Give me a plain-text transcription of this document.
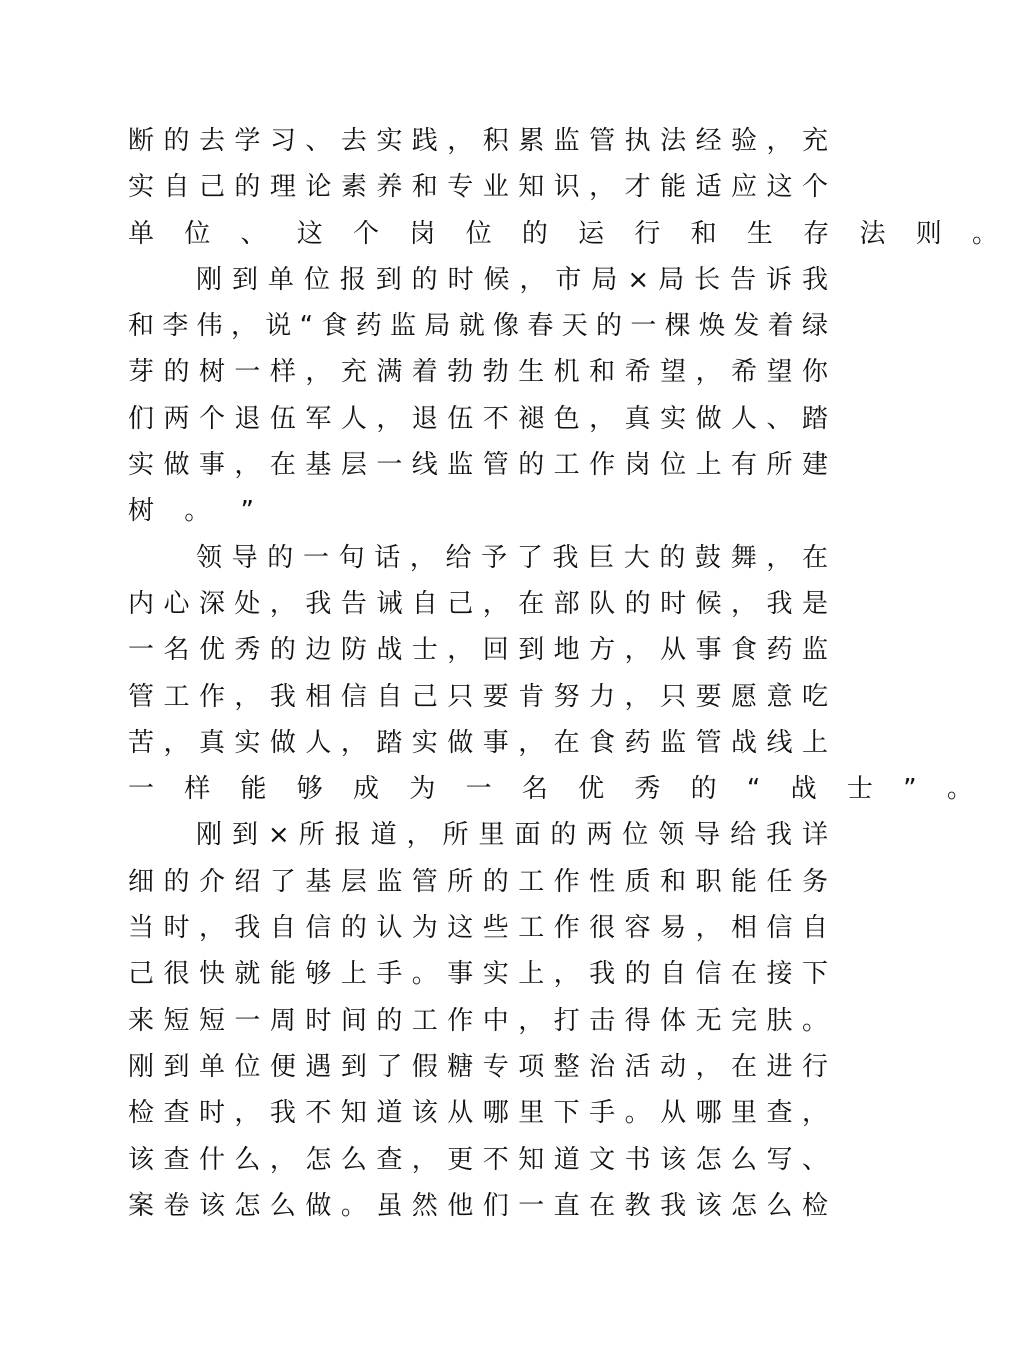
断 的 去 学 习 、 去 实 践 ， 积 累 监 管 执 法 经 验 ， 充
实 自 己 的 理 论 素 养 和 专 业 知 识 ， 才 能 适 应 这 个
单 位 、 这 个 岗 位 的 运 行 和 生 存 法 则 。
刚 到 单 位 报 到 的 时 候 ， 市 局 × 局 长 告 诉 我
和 李 伟 ， 说 “ 食 药 监 局 就 像 春 天 的 一 棵 焕 发 着 绿
芽 的 树 一 样 ， 充 满 着 勃 勃 生 机 和 希 望 ， 希 望 你
们 两 个 退 伍 军 人 ， 退 伍 不 褪 色 ， 真 实 做 人 、 踏
实 做 事 ， 在 基 层 一 线 监 管 的 工 作 岗 位 上 有 所 建
树 。 ”
领 导 的 一 句 话 ， 给 予 了 我 巨 大 的 鼓 舞 ， 在
内 心 深 处 ， 我 告 诫 自 己 ， 在 部 队 的 时 候 ， 我 是
一 名 优 秀 的 边 防 战 士 ， 回 到 地 方 ， 从 事 食 药 监
管 工 作 ， 我 相 信 自 己 只 要 肯 努 力 ， 只 要 愿 意 吃
苦 ， 真 实 做 人 ， 踏 实 做 事 ， 在 食 药 监 管 战 线 上
一 样 能 够 成 为 一 名 优 秀 的 “ 战 士 ” 。
刚 到 × 所 报 道 ， 所 里 面 的 两 位 领 导 给 我 详
细 的 介 绍 了 基 层 监 管 所 的 工 作 性 质 和 职 能 任 务
当 时 ， 我 自 信 的 认 为 这 些 工 作 很 容 易 ， 相 信 自
己 很 快 就 能 够 上 手 。 事 实 上 ， 我 的 自 信 在 接 下
来 短 短 一 周 时 间 的 工 作 中 ， 打 击 得 体 无 完 肤 。
刚 到 单 位 便 遇 到 了 假 糖 专 项 整 治 活 动 ， 在 进 行
检 查 时 ， 我 不 知 道 该 从 哪 里 下 手 。 从 哪 里 查 ，
该 查 什 么 ， 怎 么 查 ， 更 不 知 道 文 书 该 怎 么 写 、
案 卷 该 怎 么 做 。 虽 然 他 们 一 直 在 教 我 该 怎 么 检
